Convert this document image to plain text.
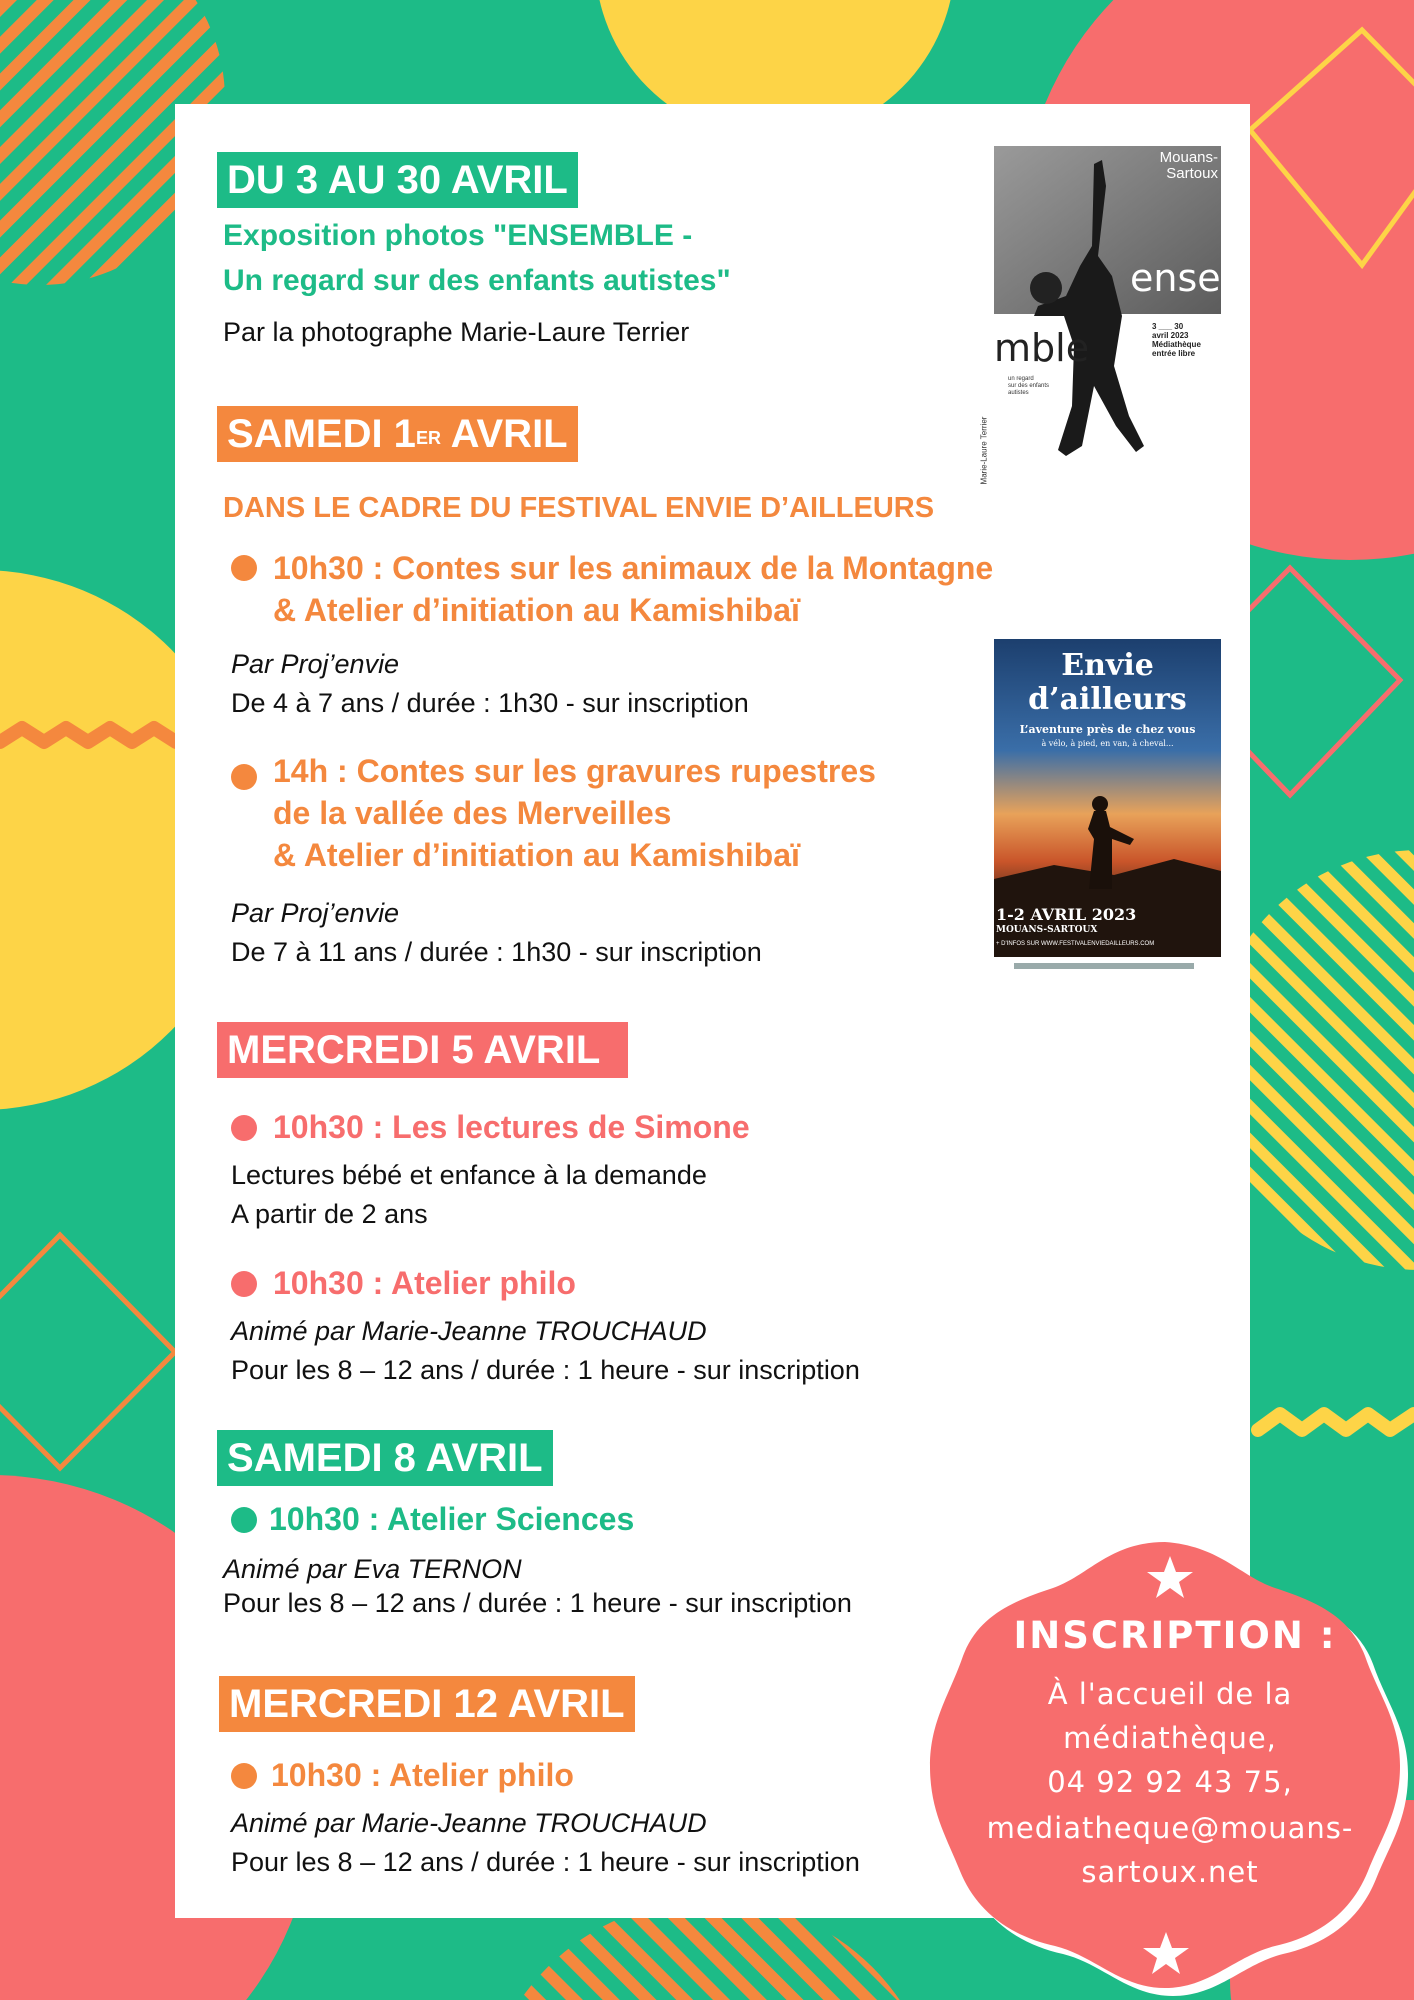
DU 3 AU 30 AVRIL
Exposition photos "ENSEMBLE -
Un regard sur des enfants autistes"
Par la photographe Marie-Laure Terrier
Mouans-
Sartoux
ense
mble	3 ___ 30
avril 2023
Médiathèque
entrée libre
un regard
sur des enfants
autistes
Marie-Laure Terrier
SAMEDI 1ER AVRIL
DANS LE CADRE DU FESTIVAL ENVIE D’AILLEURS
10h30 : Contes sur les animaux de la Montagne
& Atelier d’initiation au Kamishibaï
Par Proj’envie
De 4 à 7 ans / durée : 1h30 - sur inscription
14h : Contes sur les gravures rupestres
de la vallée des Merveilles
& Atelier d’initiation au Kamishibaï
Par Proj’envie
De 7 à 11 ans / durée : 1h30 - sur inscription
Envie
d’ailleurs
L’aventure près de chez vous
à vélo, à pied, en van, à cheval...
1-2 AVRIL 2023
MOUANS-SARTOUX
+ D'INFOS SUR WWW.FESTIVALENVIEDAILLEURS.COM
MERCREDI 5 AVRIL
10h30 : Les lectures de Simone
Lectures bébé et enfance à la demande
A partir de 2 ans
10h30 : Atelier philo
Animé par Marie-Jeanne TROUCHAUD
Pour les 8 – 12 ans / durée : 1 heure - sur inscription
SAMEDI 8 AVRIL
10h30 : Atelier Sciences
Animé par Eva TERNON
Pour les 8 – 12 ans / durée : 1 heure - sur inscription
MERCREDI 12 AVRIL
10h30 : Atelier philo
Animé par Marie-Jeanne TROUCHAUD
Pour les 8 – 12 ans / durée : 1 heure - sur inscription
INSCRIPTION :
À l'accueil de la
médiathèque,
04 92 92 43 75,
mediatheque@mouans-
sartoux.net
